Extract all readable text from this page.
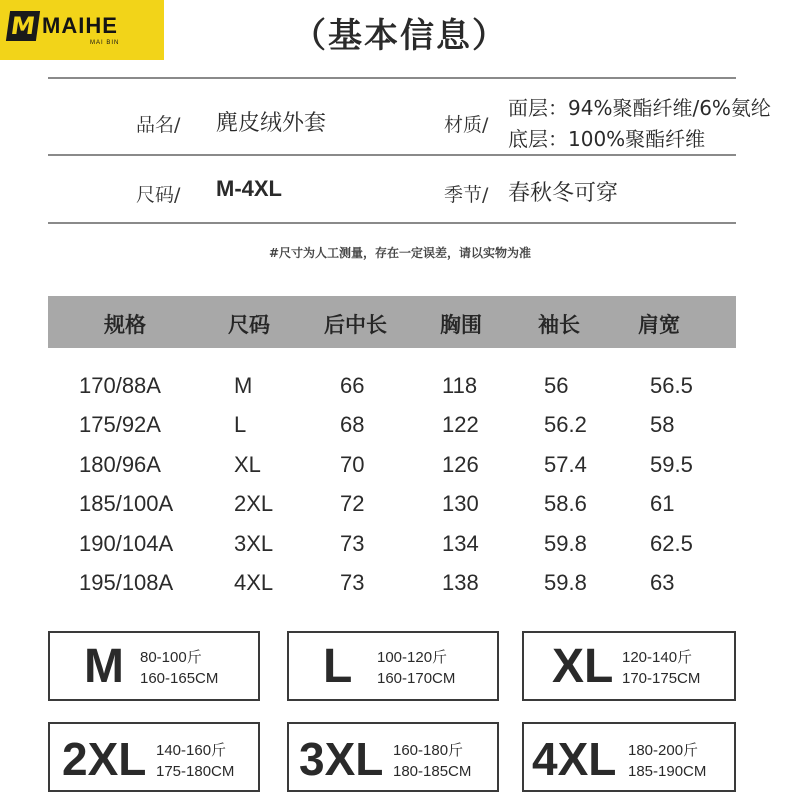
M MAIHE
MAI BIN	（基本信息）
品名/ 麂皮绒外套	材质/
面层：94%聚酯纤维/6%氨纶
底层：100%聚酯纤维
尺码/ M-4XL	季节/ 春秋冬可穿
#尺寸为人工测量，存在一定误差，请以实物为准
规格	尺码	后中长	胸围	袖长	肩宽
170/88A	M	66	118	56	56.5
175/92A	L	68	122	56.2	58
180/96A	XL	70	126	57.4	59.5
185/100A	2XL	72	130	58.6	61
190/104A	3XL	73	134	59.8	62.5
195/108A	4XL	73	138	59.8	63
M 80-100斤
160-165CM L 100-120斤
160-170CM XL 120-140斤
170-175CM
2XL 140-160斤
175-180CM 3XL 160-180斤
180-185CM 4XL 180-200斤
185-190CM
